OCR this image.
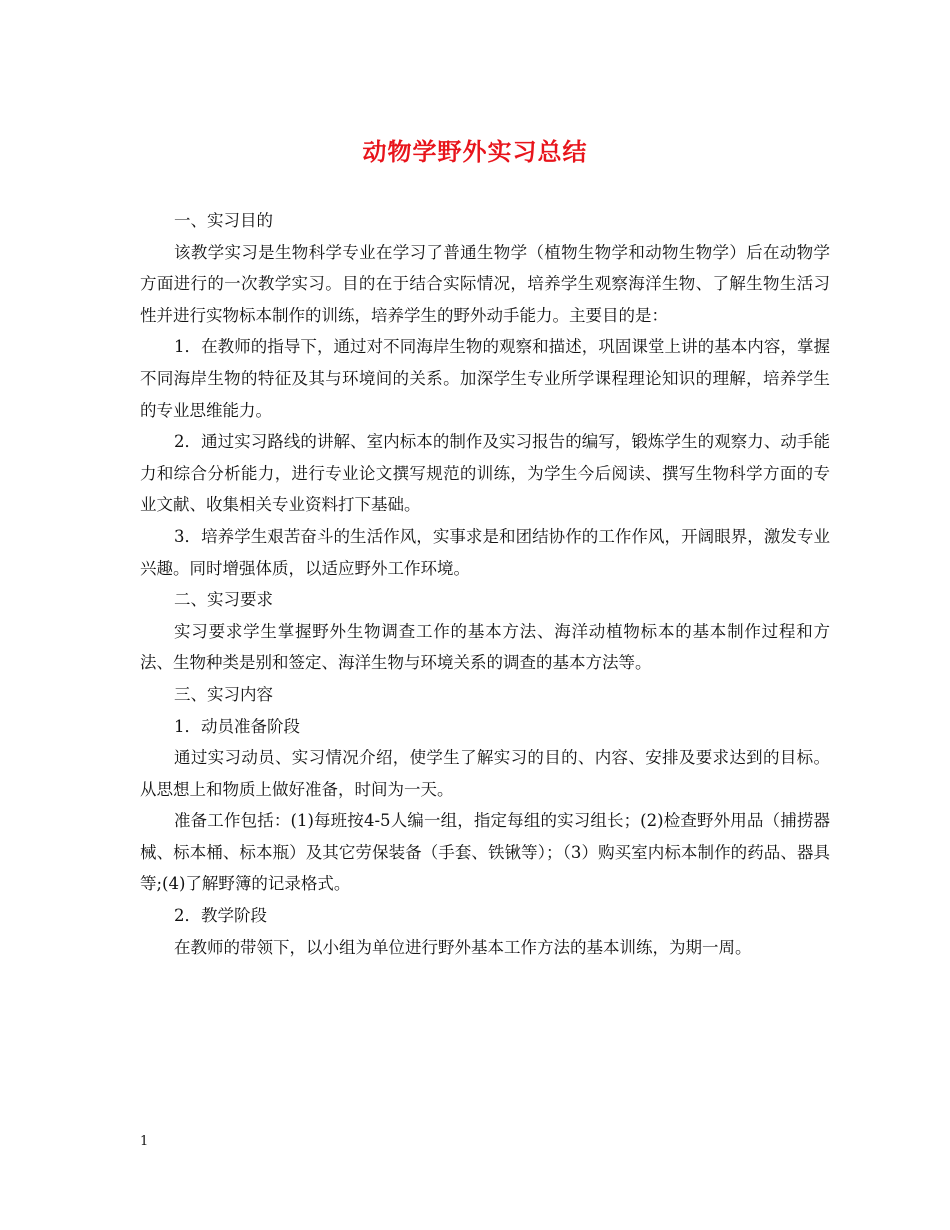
动物学野外实习总结

一、实习目的

该教学实习是生物科学专业在学习了普通生物学（植物生物学和动物生物学）后在动物学方面进行的一次教学实习。目的在于结合实际情况，培养学生观察海洋生物、了解生物生活习性并进行实物标本制作的训练，培养学生的野外动手能力。主要目的是：

1．在教师的指导下，通过对不同海岸生物的观察和描述，巩固课堂上讲的基本内容，掌握不同海岸生物的特征及其与环境间的关系。加深学生专业所学课程理论知识的理解，培养学生的专业思维能力。

2．通过实习路线的讲解、室内标本的制作及实习报告的编写，锻炼学生的观察力、动手能力和综合分析能力，进行专业论文撰写规范的训练，为学生今后阅读、撰写生物科学方面的专业文献、收集相关专业资料打下基础。

3．培养学生艰苦奋斗的生活作风，实事求是和团结协作的工作作风，开阔眼界，激发专业兴趣。同时增强体质，以适应野外工作环境。

二、实习要求

实习要求学生掌握野外生物调查工作的基本方法、海洋动植物标本的基本制作过程和方法、生物种类是别和签定、海洋生物与环境关系的调查的基本方法等。

三、实习内容

1．动员准备阶段

通过实习动员、实习情况介绍，使学生了解实习的目的、内容、安排及要求达到的目标。从思想上和物质上做好准备，时间为一天。

准备工作包括：(1)每班按4-5人编一组，指定每组的实习组长；(2)检查野外用品（捕捞器械、标本桶、标本瓶）及其它劳保装备（手套、铁锹等）；（3）购买室内标本制作的药品、器具等;(4)了解野簿的记录格式。

2．教学阶段

在教师的带领下，以小组为单位进行野外基本工作方法的基本训练，为期一周。

1
